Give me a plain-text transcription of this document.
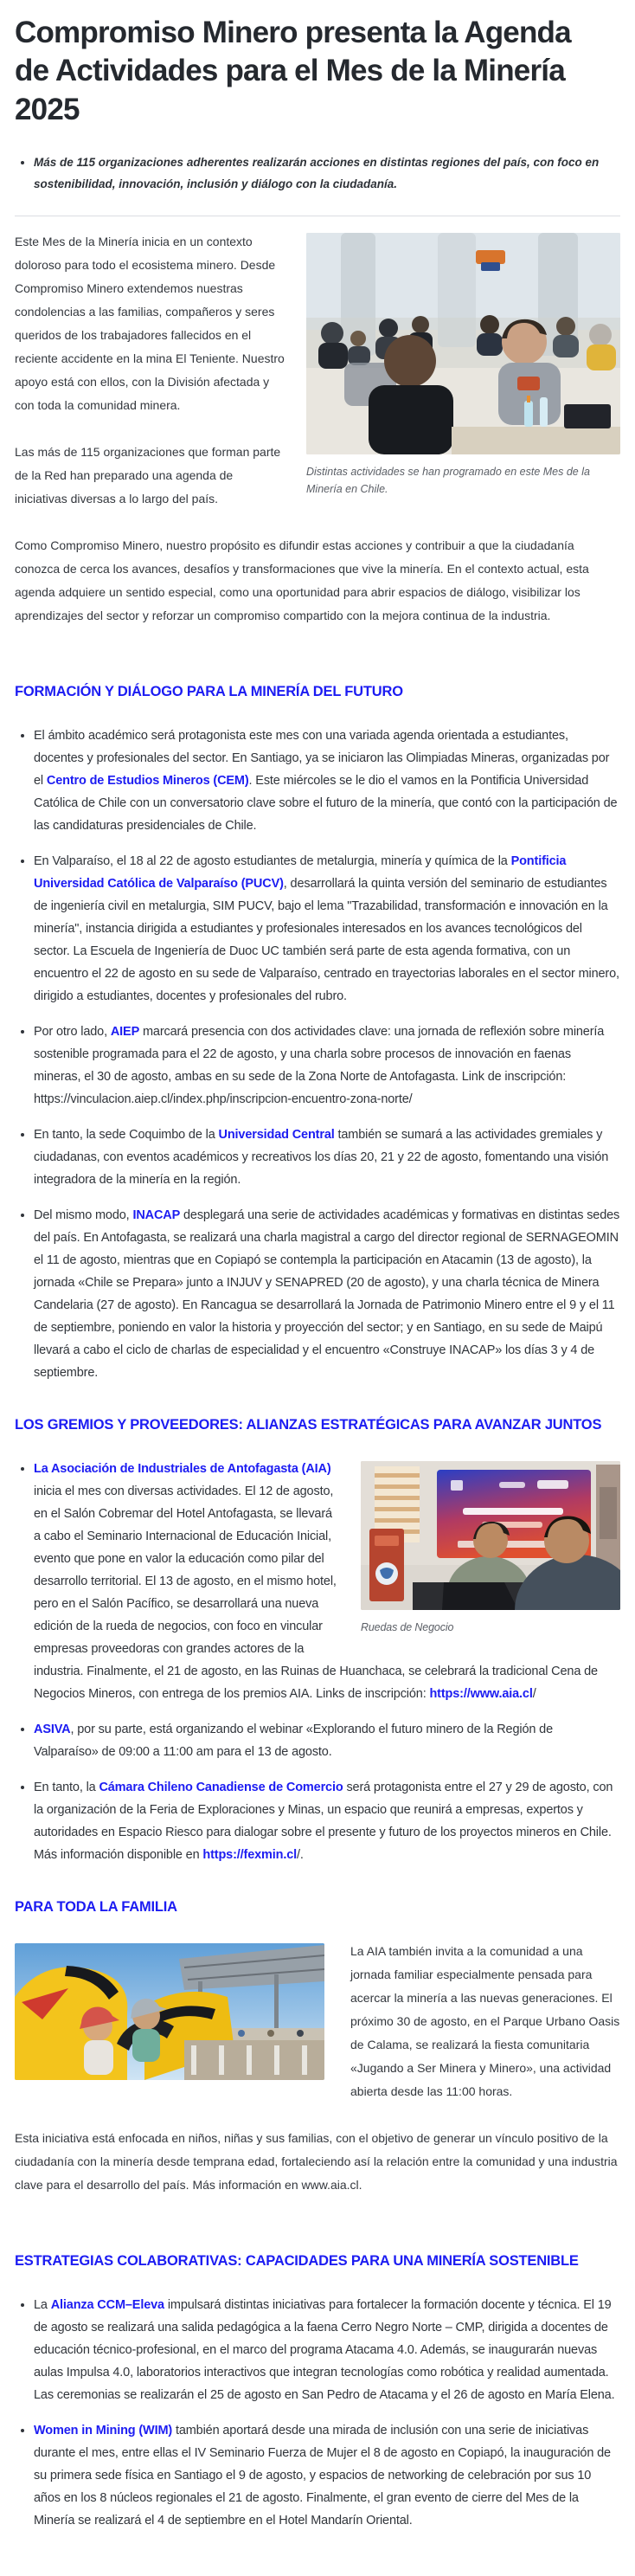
Compromiso Minero presenta la Agenda de Actividades para el Mes de la Minería 2025
• Más de 115 organizaciones adherentes realizarán acciones en distintas regiones del país, con foco en sostenibilidad, innovación, inclusión y diálogo con la ciudadanía.
Distintas actividades se han programado en este Mes de la Minería en Chile.

Este Mes de la Minería inicia en un contexto doloroso para todo el ecosistema minero. Desde Compromiso Minero extendemos nuestras condolencias a las familias, compañeros y seres queridos de los trabajadores fallecidos en el reciente accidente en la mina El Teniente. Nuestro apoyo está con ellos, con la División afectada y con toda la comunidad minera.

Las más de 115 organizaciones que forman parte de la Red han preparado una agenda de iniciativas diversas a lo largo del país.

Como Compromiso Minero, nuestro propósito es difundir estas acciones y contribuir a que la ciudadanía conozca de cerca los avances, desafíos y transformaciones que vive la minería. En el contexto actual, esta agenda adquiere un sentido especial, como una oportunidad para abrir espacios de diálogo, visibilizar los aprendizajes del sector y reforzar un compromiso compartido con la mejora continua de la industria.

FORMACIÓN Y DIÁLOGO PARA LA MINERÍA DEL FUTURO
• El ámbito académico será protagonista este mes con una variada agenda orientada a estudiantes, docentes y profesionales del sector. En Santiago, ya se iniciaron las Olimpiadas Mineras, organizadas por el Centro de Estudios Mineros (CEM). Este miércoles se le dio el vamos en la Pontificia Universidad Católica de Chile con un conversatorio clave sobre el futuro de la minería, que contó con la participación de las candidaturas presidenciales de Chile.
• En Valparaíso, el 18 al 22 de agosto estudiantes de metalurgia, minería y química de la Pontificia Universidad Católica de Valparaíso (PUCV), desarrollará la quinta versión del seminario de estudiantes de ingeniería civil en metalurgia, SIM PUCV, bajo el lema "Trazabilidad, transformación e innovación en la minería", instancia dirigida a estudiantes y profesionales interesados en los avances tecnológicos del sector. La Escuela de Ingeniería de Duoc UC también será parte de esta agenda formativa, con un encuentro el 22 de agosto en su sede de Valparaíso, centrado en trayectorias laborales en el sector minero, dirigido a estudiantes, docentes y profesionales del rubro.
• Por otro lado, AIEP marcará presencia con dos actividades clave: una jornada de reflexión sobre minería sostenible programada para el 22 de agosto, y una charla sobre procesos de innovación en faenas mineras, el 30 de agosto, ambas en su sede de la Zona Norte de Antofagasta. Link de inscripción: https://vinculacion.aiep.cl/index.php/inscripcion-encuentro-zona-norte/
• En tanto, la sede Coquimbo de la Universidad Central también se sumará a las actividades gremiales y ciudadanas, con eventos académicos y recreativos los días 20, 21 y 22 de agosto, fomentando una visión integradora de la minería en la región.
• Del mismo modo, INACAP desplegará una serie de actividades académicas y formativas en distintas sedes del país. En Antofagasta, se realizará una charla magistral a cargo del director regional de SERNAGEOMIN el 11 de agosto, mientras que en Copiapó se contempla la participación en Atacamin (13 de agosto), la jornada «Chile se Prepara» junto a INJUV y SENAPRED (20 de agosto), y una charla técnica de Minera Candelaria (27 de agosto). En Rancagua se desarrollará la Jornada de Patrimonio Minero entre el 9 y el 11 de septiembre, poniendo en valor la historia y proyección del sector; y en Santiago, en su sede de Maipú llevará a cabo el ciclo de charlas de especialidad y el encuentro «Construye INACAP» los días 3 y 4 de septiembre.
LOS GREMIOS Y PROVEEDORES: ALIANZAS ESTRATÉGICAS PARA AVANZAR JUNTOS
• Ruedas de Negocio
La Asociación de Industriales de Antofagasta (AIA) inicia el mes con diversas actividades. El 12 de agosto, en el Salón Cobremar del Hotel Antofagasta, se llevará a cabo el Seminario Internacional de Educación Inicial, evento que pone en valor la educación como pilar del desarrollo territorial. El 13 de agosto, en el mismo hotel, pero en el Salón Pacífico, se desarrollará una nueva edición de la rueda de negocios, con foco en vincular empresas proveedoras con grandes actores de la industria. Finalmente, el 21 de agosto, en las Ruinas de Huanchaca, se celebrará la tradicional Cena de Negocios Mineros, con entrega de los premios AIA. Links de inscripción: https://www.aia.cl/
• ASIVA, por su parte, está organizando el webinar «Explorando el futuro minero de la Región de Valparaíso» de 09:00 a 11:00 am para el 13 de agosto.
• En tanto, la Cámara Chileno Canadiense de Comercio será protagonista entre el 27 y 29 de agosto, con la organización de la Feria de Exploraciones y Minas, un espacio que reunirá a empresas, expertos y autoridades en Espacio Riesco para dialogar sobre el presente y futuro de los proyectos mineros en Chile. Más información disponible en https://fexmin.cl/.
PARA TODA LA FAMILIA

La AIA también invita a la comunidad a una jornada familiar especialmente pensada para acercar la minería a las nuevas generaciones. El próximo 30 de agosto, en el Parque Urbano Oasis de Calama, se realizará la fiesta comunitaria «Jugando a Ser Minera y Minero», una actividad abierta desde las 11:00 horas.

Esta iniciativa está enfocada en niños, niñas y sus familias, con el objetivo de generar un vínculo positivo de la ciudadanía con la minería desde temprana edad, fortaleciendo así la relación entre la comunidad y una industria clave para el desarrollo del país. Más información en www.aia.cl.

ESTRATEGIAS COLABORATIVAS: CAPACIDADES PARA UNA MINERÍA SOSTENIBLE
• La Alianza CCM–Eleva impulsará distintas iniciativas para fortalecer la formación docente y técnica. El 19 de agosto se realizará una salida pedagógica a la faena Cerro Negro Norte – CMP, dirigida a docentes de educación técnico-profesional, en el marco del programa Atacama 4.0. Además, se inaugurarán nuevas aulas Impulsa 4.0, laboratorios interactivos que integran tecnologías como robótica y realidad aumentada. Las ceremonias se realizarán el 25 de agosto en San Pedro de Atacama y el 26 de agosto en María Elena.
• Women in Mining (WIM) también aportará desde una mirada de inclusión con una serie de iniciativas durante el mes, entre ellas el IV Seminario Fuerza de Mujer el 8 de agosto en Copiapó, la inauguración de su primera sede física en Santiago el 9 de agosto, y espacios de networking de celebración por sus 10 años en los 8 núcleos regionales el 21 de agosto. Finalmente, el gran evento de cierre del Mes de la Minería se realizará el 4 de septiembre en el Hotel Mandarín Oriental.
